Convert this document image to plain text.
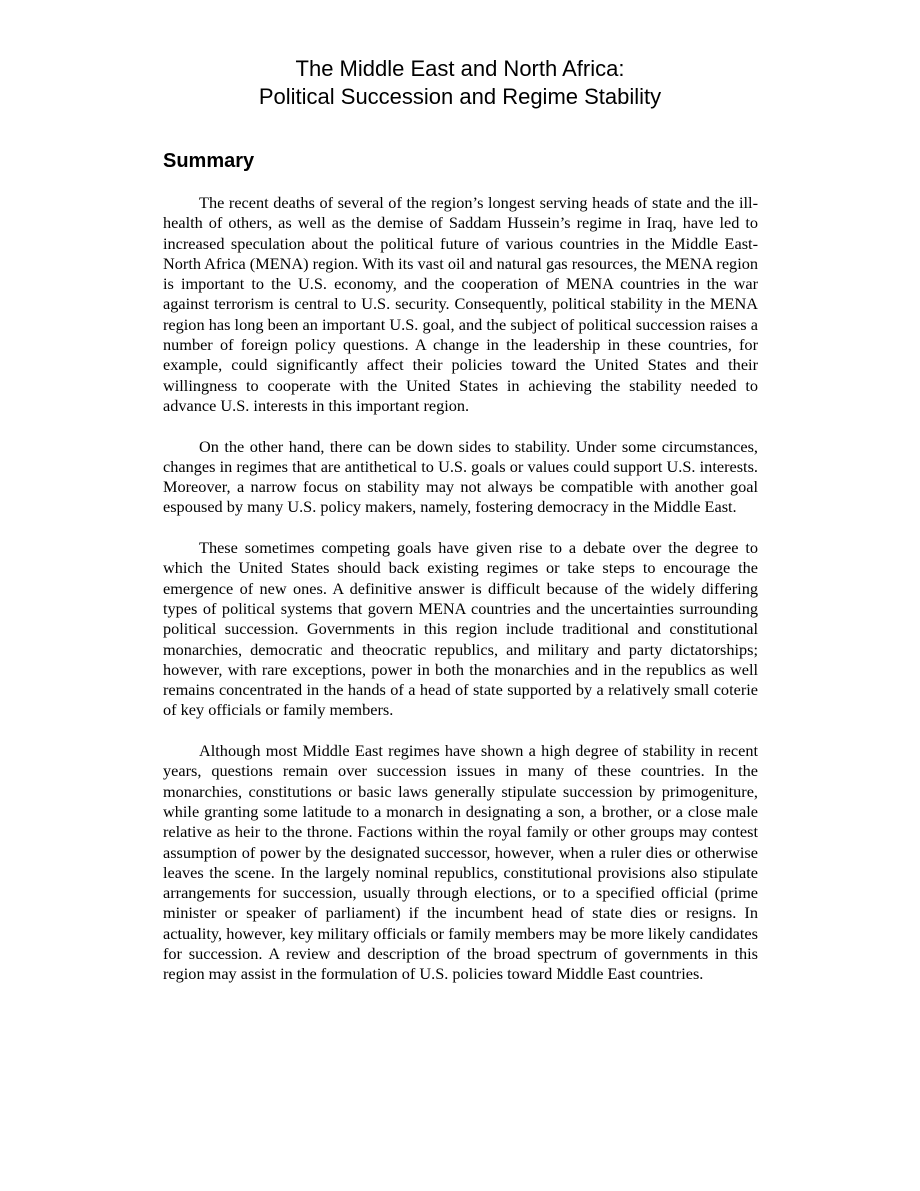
The Middle East and North Africa:
Political Succession and Regime Stability
Summary

The recent deaths of several of the region’s longest serving heads of state and the ill-health of others, as well as the demise of Saddam Hussein’s regime in Iraq, have led to increased speculation about the political future of various countries in the Middle East-North Africa (MENA) region. With its vast oil and natural gas resources, the MENA region is important to the U.S. economy, and the cooperation of MENA countries in the war against terrorism is central to U.S. security. Consequently, political stability in the MENA region has long been an important U.S. goal, and the subject of political succession raises a number of foreign policy questions. A change in the leadership in these countries, for example, could significantly affect their policies toward the United States and their willingness to cooperate with the United States in achieving the stability needed to advance U.S. interests in this important region.

On the other hand, there can be down sides to stability. Under some circumstances, changes in regimes that are antithetical to U.S. goals or values could support U.S. interests. Moreover, a narrow focus on stability may not always be compatible with another goal espoused by many U.S. policy makers, namely, fostering democracy in the Middle East.

These sometimes competing goals have given rise to a debate over the degree to which the United States should back existing regimes or take steps to encourage the emergence of new ones. A definitive answer is difficult because of the widely differing types of political systems that govern MENA countries and the uncertainties surrounding political succession. Governments in this region include traditional and constitutional monarchies, democratic and theocratic republics, and military and party dictatorships; however, with rare exceptions, power in both the monarchies and in the republics as well remains concentrated in the hands of a head of state supported by a relatively small coterie of key officials or family members.

Although most Middle East regimes have shown a high degree of stability in recent years, questions remain over succession issues in many of these countries. In the monarchies, constitutions or basic laws generally stipulate succession by primogeniture, while granting some latitude to a monarch in designating a son, a brother, or a close male relative as heir to the throne. Factions within the royal family or other groups may contest assumption of power by the designated successor, however, when a ruler dies or otherwise leaves the scene. In the largely nominal republics, constitutional provisions also stipulate arrangements for succession, usually through elections, or to a specified official (prime minister or speaker of parliament) if the incumbent head of state dies or resigns. In actuality, however, key military officials or family members may be more likely candidates for succession. A review and description of the broad spectrum of governments in this region may assist in the formulation of U.S. policies toward Middle East countries.
